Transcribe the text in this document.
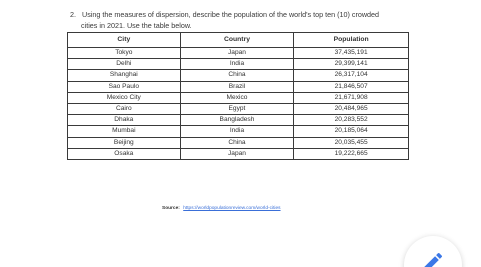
2. Using the measures of dispersion, describe the population of the world's top ten (10) crowded
cities in 2021. Use the table below.
City	Country	Population
Tokyo	Japan	37,435,191
Delhi	India	29,399,141
Shanghai	China	26,317,104
Sao Paulo	Brazil	21,846,507
Mexico City	Mexico	21,671,908
Cairo	Egypt	20,484,965
Dhaka	Bangladesh	20,283,552
Mumbai	India	20,185,064
Beijing	China	20,035,455
Osaka	Japan	19,222,665
Source: https://worldpopulationreview.com/world-cities
